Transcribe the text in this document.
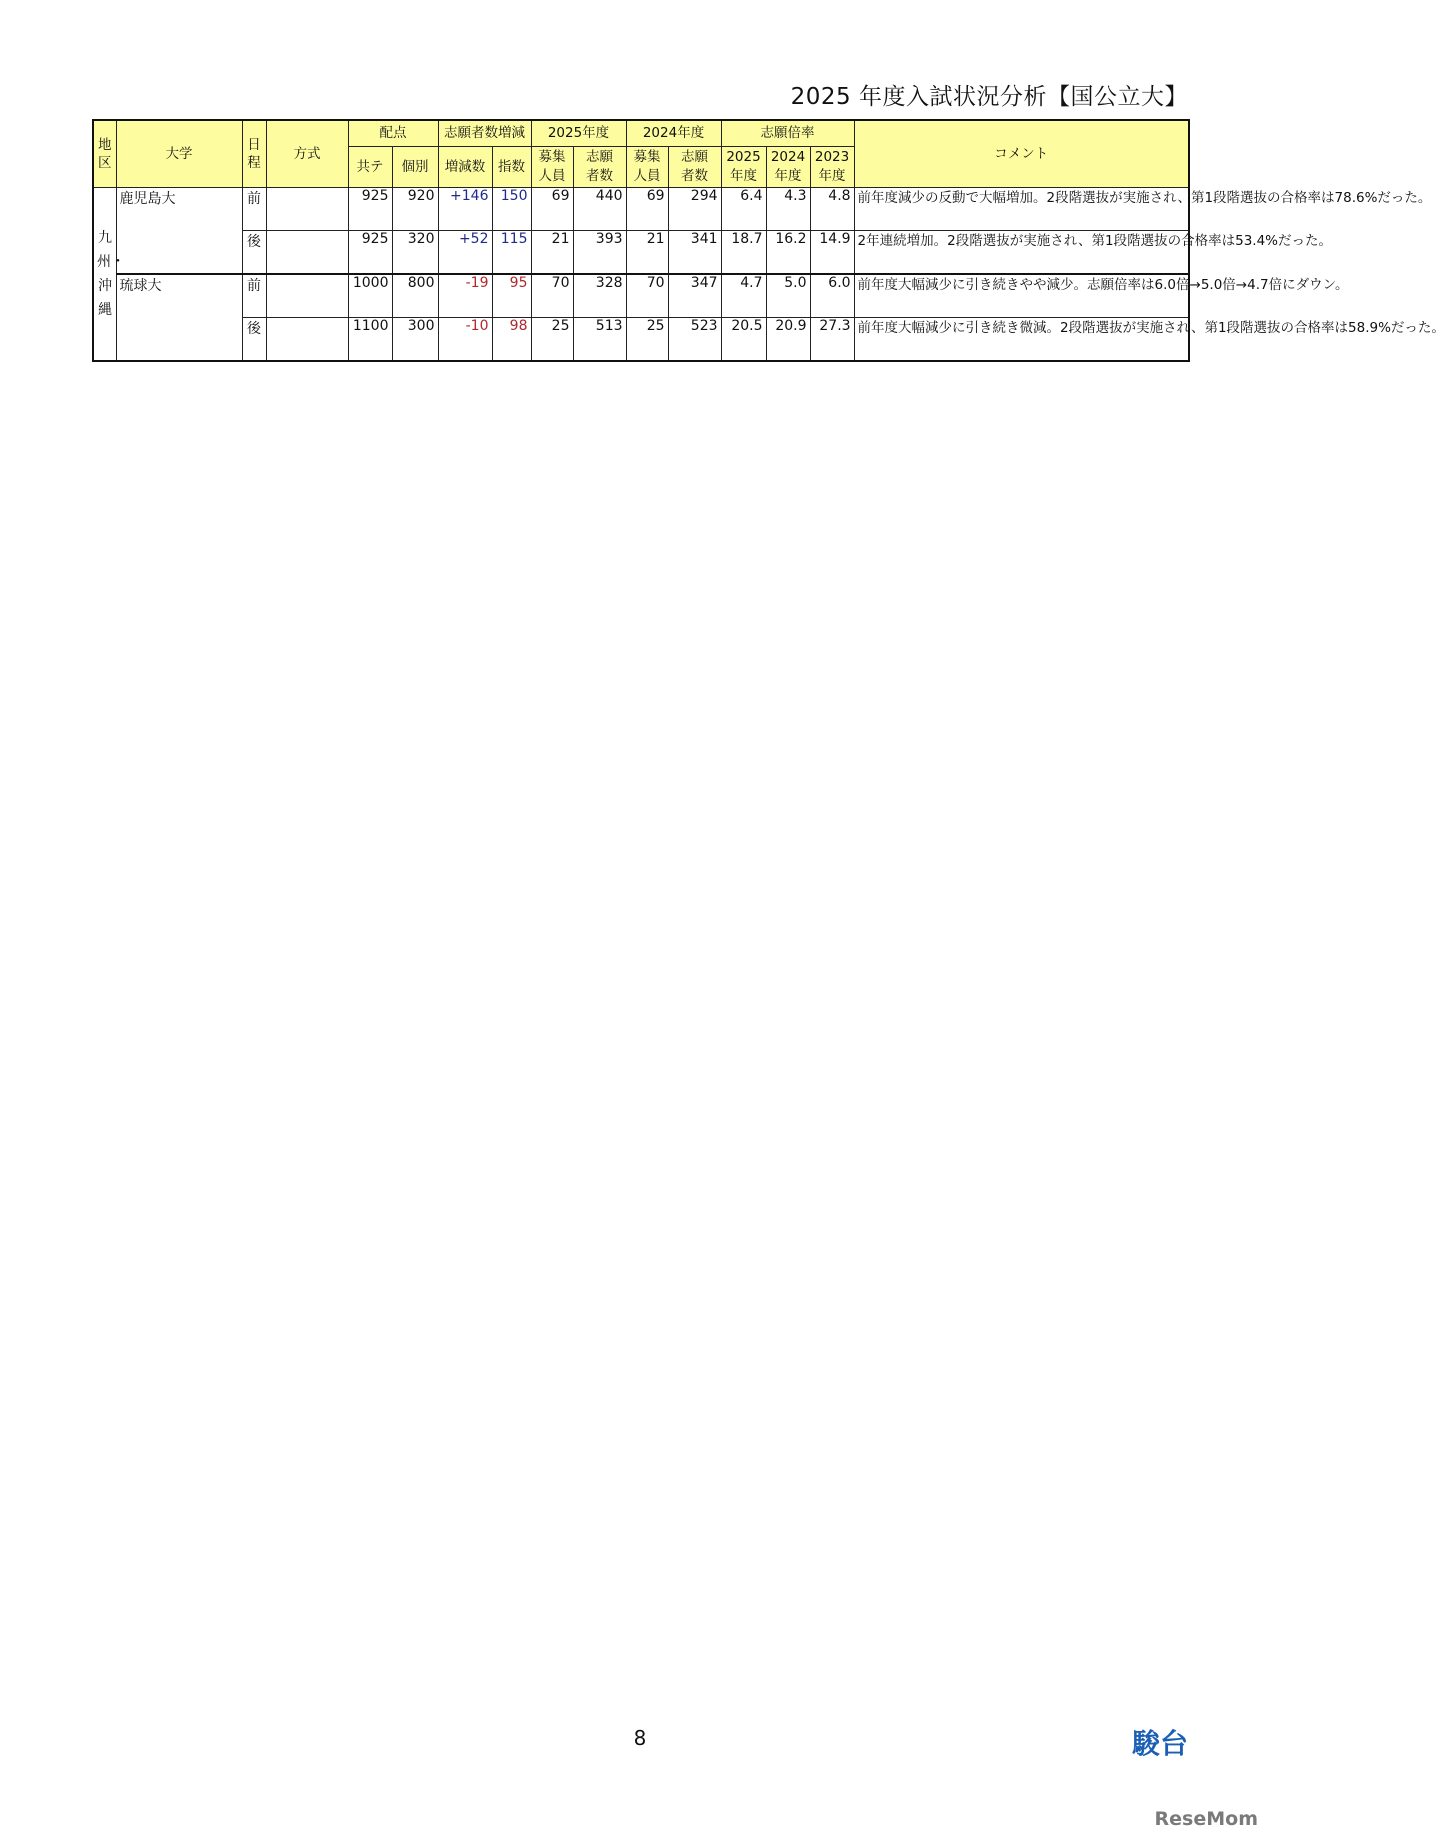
2025 年度入試状況分析【国公立大】
地区	大学	日程	方式	配点		志願者数増減		2025年度		2024年度		志願倍率			コメント
				共テ	個別	増減数	指数	募集人員	志願者数	募集人員	志願者数	2025年度	2024年度	2023年度	

九州・沖縄	鹿児島大	前		925	920	+146	150	69	440	69	294	6.4	4.3	4.8	前年度減少の反動で大幅増加。2段階選抜が実施され、第1段階選抜の合格率は78.6%だった。
		後		925	320	+52	115	21	393	21	341	18.7	16.2	14.9	2年連続増加。2段階選抜が実施され、第1段階選抜の合格率は53.4%だった。
	琉球大	前		1000	800	-19	95	70	328	70	347	4.7	5.0	6.0	前年度大幅減少に引き続きやや減少。志願倍率は6.0倍→5.0倍→4.7倍にダウン。
		後		1100	300	-10	98	25	513	25	523	20.5	20.9	27.3	前年度大幅減少に引き続き微減。2段階選抜が実施され、第1段階選抜の合格率は58.9%だった。
8	駿台
ReseMom
